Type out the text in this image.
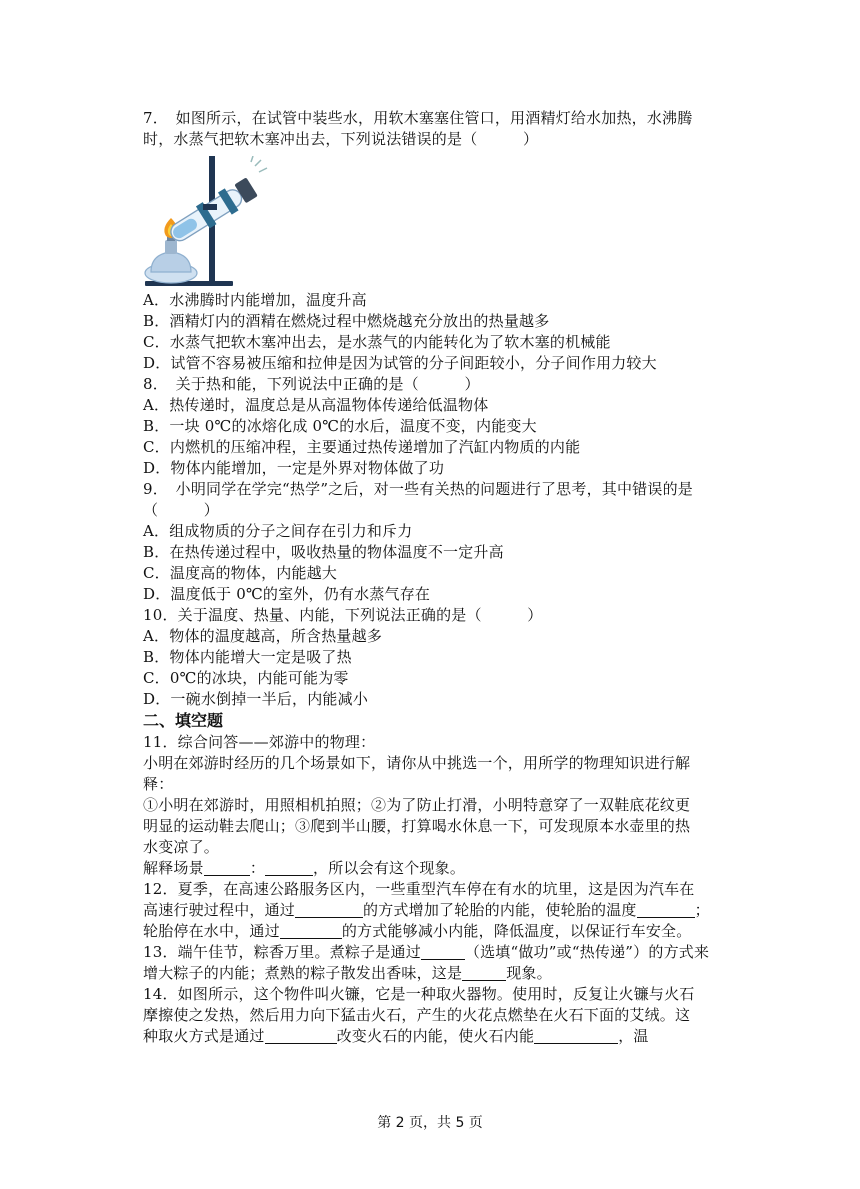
7．　如图所示，在试管中装些水，用软木塞塞住管口，用酒精灯给水加热，水沸腾
时，水蒸气把软木塞冲出去，下列说法错误的是（　　　）
A．水沸腾时内能增加，温度升高
B．酒精灯内的酒精在燃烧过程中燃烧越充分放出的热量越多
C．水蒸气把软木塞冲出去，是水蒸气的内能转化为了软木塞的机械能
D．试管不容易被压缩和拉伸是因为试管的分子间距较小，分子间作用力较大
8．　关于热和能，下列说法中正确的是（　　　）
A．热传递时，温度总是从高温物体传递给低温物体
B．一块 0℃的冰熔化成 0℃的水后，温度不变，内能变大
C．内燃机的压缩冲程，主要通过热传递增加了汽缸内物质的内能
D．物体内能增加，一定是外界对物体做了功
9．　小明同学在学完“热学”之后，对一些有关热的问题进行了思考，其中错误的是
（　　　）
A．组成物质的分子之间存在引力和斥力
B．在热传递过程中，吸收热量的物体温度不一定升高
C．温度高的物体，内能越大
D．温度低于 0℃的室外，仍有水蒸气存在
10．关于温度、热量、内能，下列说法正确的是（　　　）
A．物体的温度越高，所含热量越多
B．物体内能增大一定是吸了热
C．0℃的冰块，内能可能为零
D．一碗水倒掉一半后，内能减小
二、填空题
11．综合问答——郊游中的物理：
小明在郊游时经历的几个场景如下，请你从中挑选一个，用所学的物理知识进行解
释：
①小明在郊游时，用照相机拍照；②为了防止打滑，小明特意穿了一双鞋底花纹更
明显的运动鞋去爬山；③爬到半山腰，打算喝水休息一下，可发现原本水壶里的热
水变凉了。
解释场景	：	，所以会有这个现象。
12．夏季，在高速公路服务区内，一些重型汽车停在有水的坑里，这是因为汽车在
高速行驶过程中，通过	的方式增加了轮胎的内能，使轮胎的温度	；
轮胎停在水中，通过	的方式能够减小内能，降低温度，以保证行车安全。
13．端午佳节，粽香万里。煮粽子是通过	（选填“做功”或“热传递”）的方式来
增大粽子的内能；煮熟的粽子散发出香味，这是	现象。
14．如图所示，这个物件叫火镰，它是一种取火器物。使用时，反复让火镰与火石
摩擦使之发热，然后用力向下猛击火石，产生的火花点燃垫在火石下面的艾绒。这
种取火方式是通过	改变火石的内能，使火石内能	，温
第 2 页，共 5 页
